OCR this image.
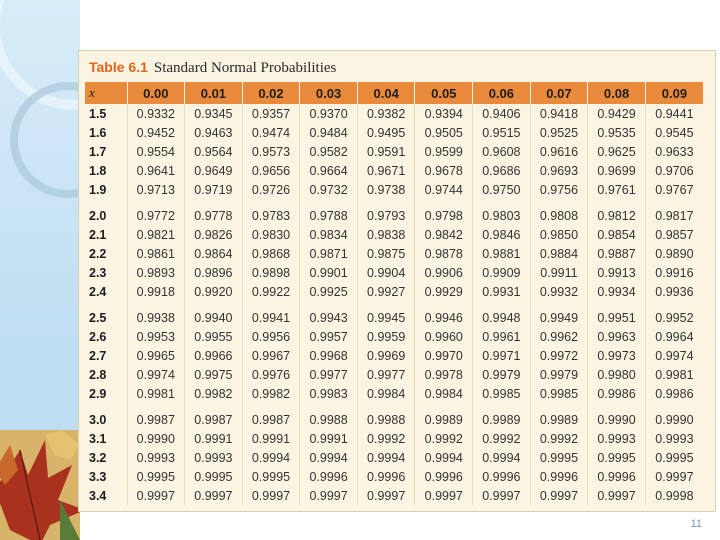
Table 6.1 Standard Normal Probabilities
x	0.00	0.01	0.02	0.03	0.04	0.05	0.06	0.07	0.08	0.09
1.5	0.9332	0.9345	0.9357	0.9370	0.9382	0.9394	0.9406	0.9418	0.9429	0.9441
1.6	0.9452	0.9463	0.9474	0.9484	0.9495	0.9505	0.9515	0.9525	0.9535	0.9545
1.7	0.9554	0.9564	0.9573	0.9582	0.9591	0.9599	0.9608	0.9616	0.9625	0.9633
1.8	0.9641	0.9649	0.9656	0.9664	0.9671	0.9678	0.9686	0.9693	0.9699	0.9706
1.9	0.9713	0.9719	0.9726	0.9732	0.9738	0.9744	0.9750	0.9756	0.9761	0.9767
2.0	0.9772	0.9778	0.9783	0.9788	0.9793	0.9798	0.9803	0.9808	0.9812	0.9817
2.1	0.9821	0.9826	0.9830	0.9834	0.9838	0.9842	0.9846	0.9850	0.9854	0.9857
2.2	0.9861	0.9864	0.9868	0.9871	0.9875	0.9878	0.9881	0.9884	0.9887	0.9890
2.3	0.9893	0.9896	0.9898	0.9901	0.9904	0.9906	0.9909	0.9911	0.9913	0.9916
2.4	0.9918	0.9920	0.9922	0.9925	0.9927	0.9929	0.9931	0.9932	0.9934	0.9936
2.5	0.9938	0.9940	0.9941	0.9943	0.9945	0.9946	0.9948	0.9949	0.9951	0.9952
2.6	0.9953	0.9955	0.9956	0.9957	0.9959	0.9960	0.9961	0.9962	0.9963	0.9964
2.7	0.9965	0.9966	0.9967	0.9968	0.9969	0.9970	0.9971	0.9972	0.9973	0.9974
2.8	0.9974	0.9975	0.9976	0.9977	0.9977	0.9978	0.9979	0.9979	0.9980	0.9981
2.9	0.9981	0.9982	0.9982	0.9983	0.9984	0.9984	0.9985	0.9985	0.9986	0.9986
3.0	0.9987	0.9987	0.9987	0.9988	0.9988	0.9989	0.9989	0.9989	0.9990	0.9990
3.1	0.9990	0.9991	0.9991	0.9991	0.9992	0.9992	0.9992	0.9992	0.9993	0.9993
3.2	0.9993	0.9993	0.9994	0.9994	0.9994	0.9994	0.9994	0.9995	0.9995	0.9995
3.3	0.9995	0.9995	0.9995	0.9996	0.9996	0.9996	0.9996	0.9996	0.9996	0.9997
3.4	0.9997	0.9997	0.9997	0.9997	0.9997	0.9997	0.9997	0.9997	0.9997	0.9998
11
